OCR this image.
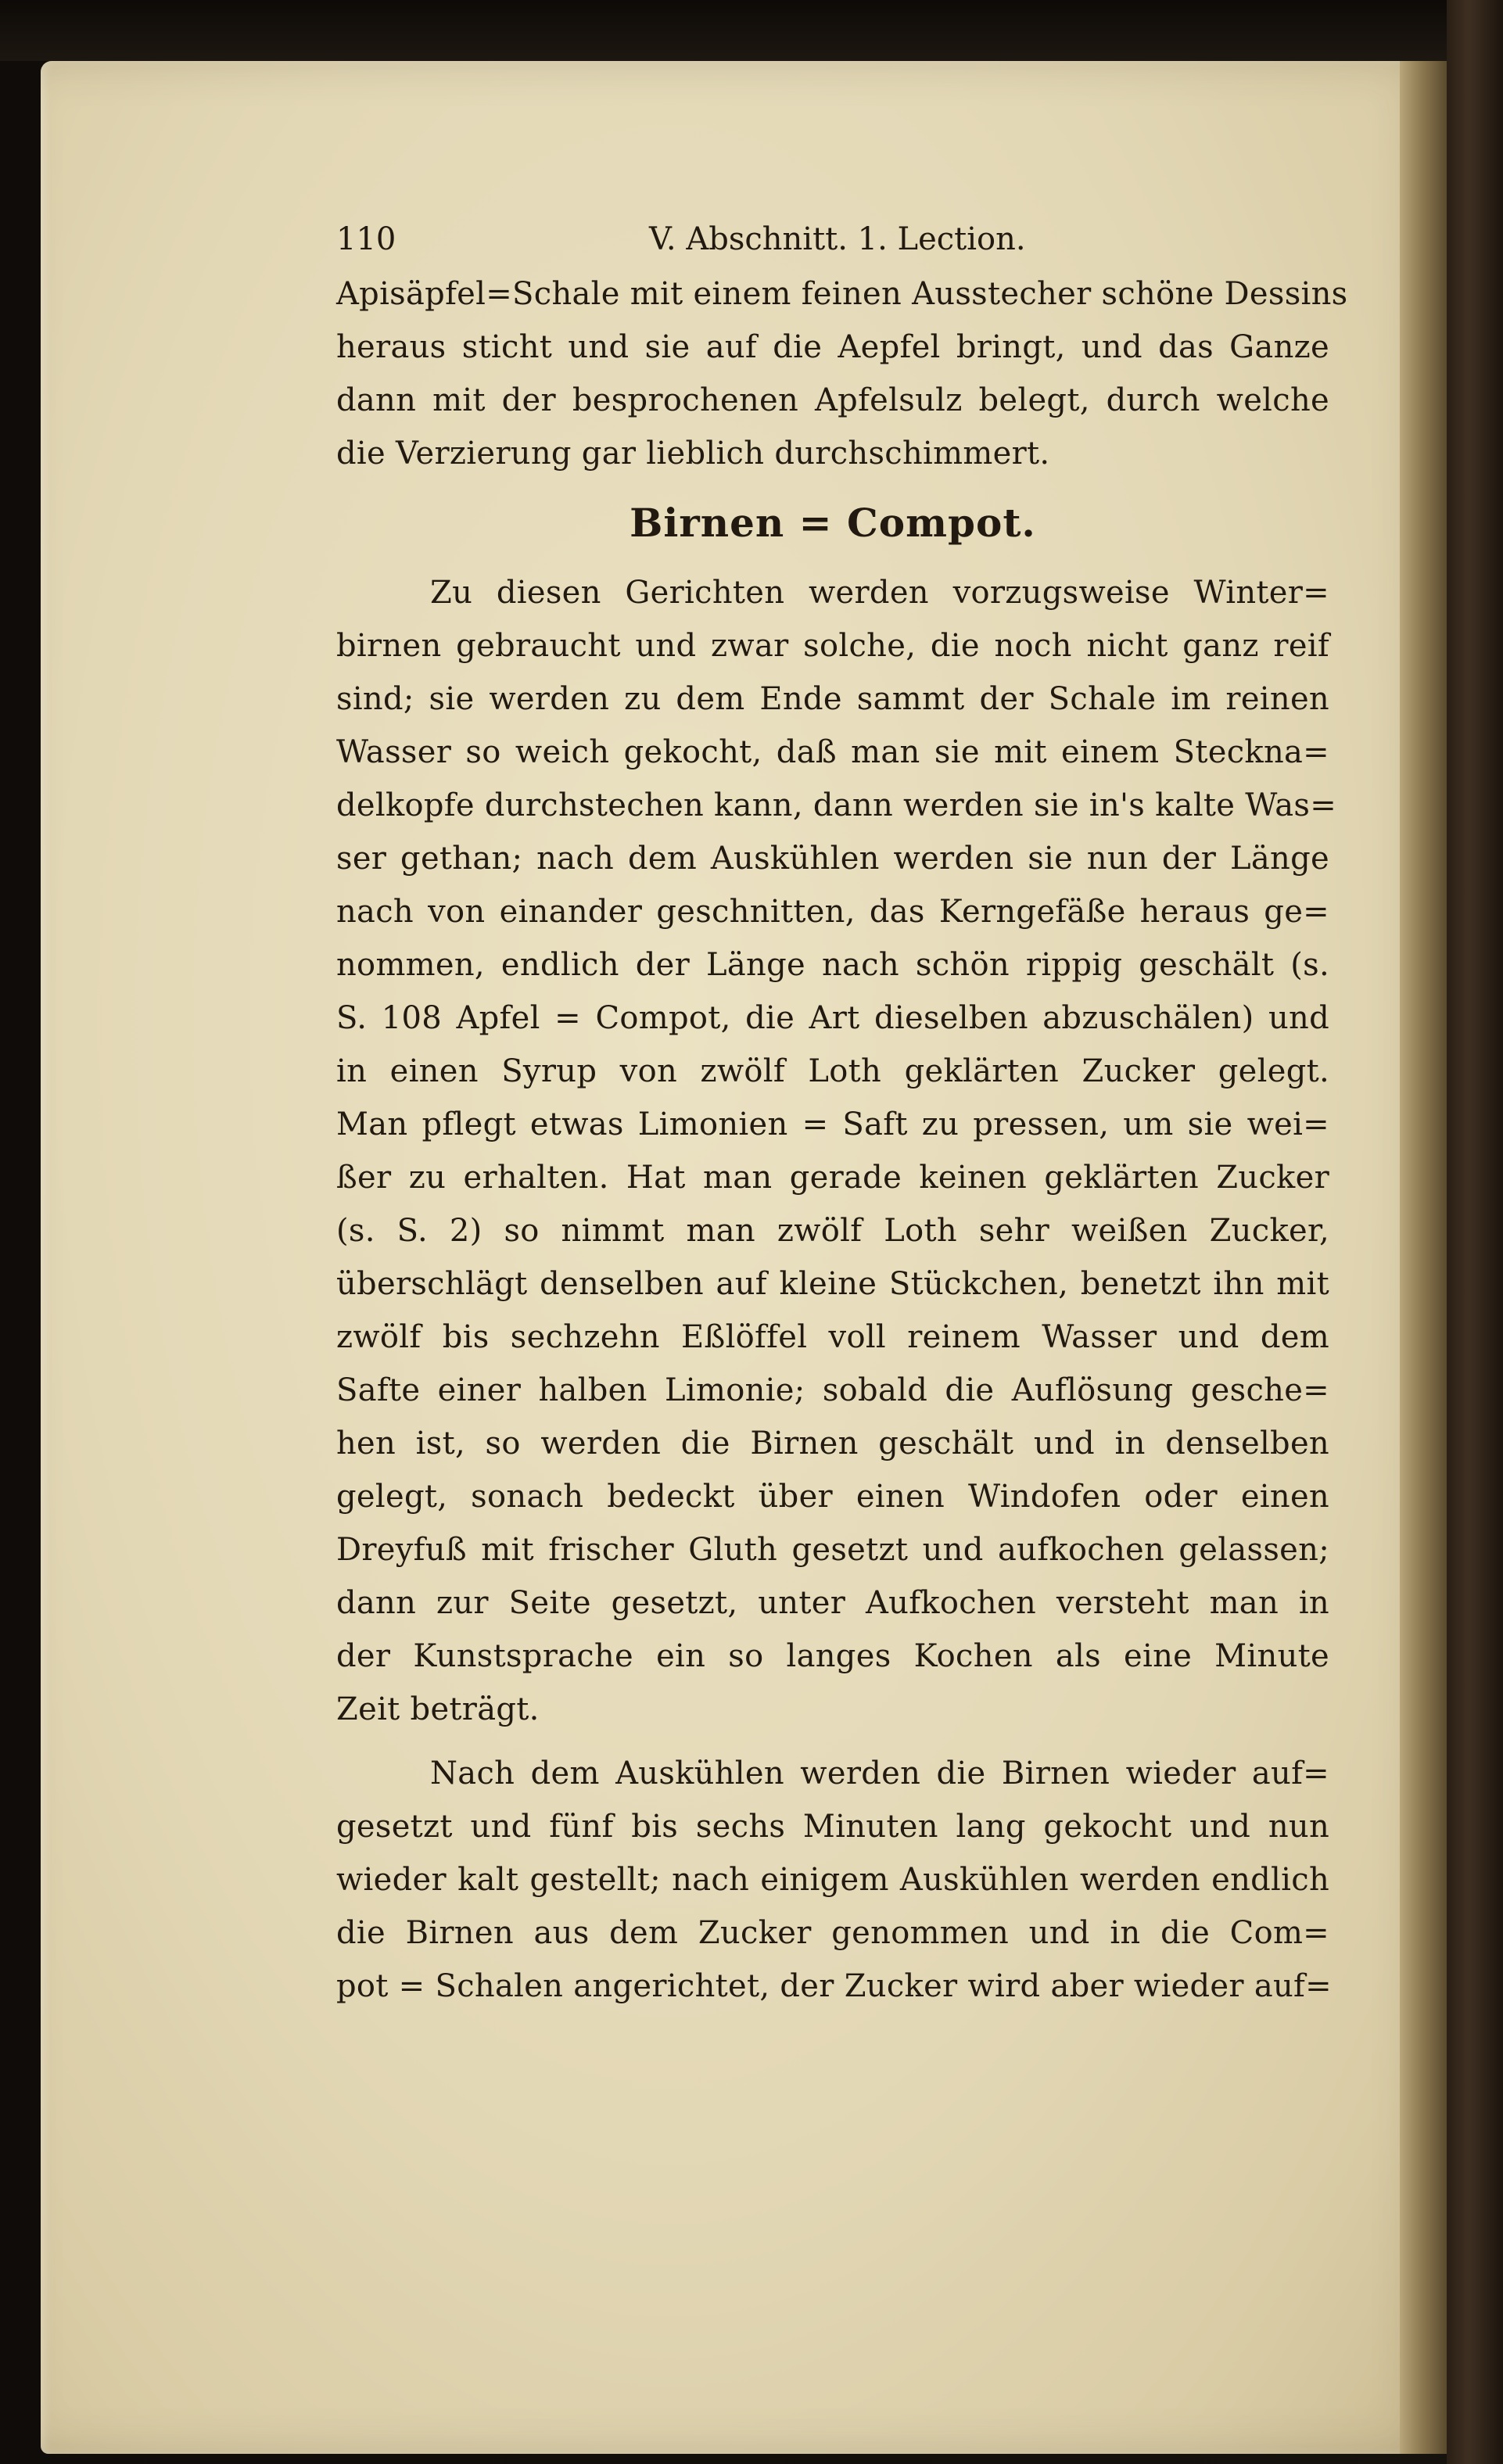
110	V. Abschnitt. 1. Lection.
Apisäpfel=Schale mit einem feinen Ausstecher schöne Dessins
heraus sticht und sie auf die Aepfel bringt, und das Ganze
dann mit der besprochenen Apfelsulz belegt, durch welche
die Verzierung gar lieblich durchschimmert.
Birnen = Compot.
Zu diesen Gerichten werden vorzugsweise Winter=
birnen gebraucht und zwar solche, die noch nicht ganz reif
sind; sie werden zu dem Ende sammt der Schale im reinen
Wasser so weich gekocht, daß man sie mit einem Stecknа=
delkopfe durchstechen kann, dann werden sie in's kalte Was=
ser gethan; nach dem Auskühlen werden sie nun der Länge
nach von einander geschnitten, das Kerngefäße heraus ge=
nommen, endlich der Länge nach schön rippig geschält (s.
S. 108 Apfel = Compot, die Art dieselben abzuschälen) und
in einen Syrup von zwölf Loth geklärten Zucker gelegt.
Man pflegt etwas Limonien = Saft zu pressen, um sie wei=
ßer zu erhalten. Hat man gerade keinen geklärten Zucker
(s. S. 2) so nimmt man zwölf Loth sehr weißen Zucker,
überschlägt denselben auf kleine Stückchen, benetzt ihn mit
zwölf bis sechzehn Eßlöffel voll reinem Wasser und dem
Safte einer halben Limonie; sobald die Auflösung gesche=
hen ist, so werden die Birnen geschält und in denselben
gelegt, sonach bedeckt über einen Windofen oder einen
Dreyfuß mit frischer Gluth gesetzt und aufkochen gelassen;
dann zur Seite gesetzt, unter Aufkochen versteht man in
der Kunstsprache ein so langes Kochen als eine Minute
Zeit beträgt.
Nach dem Auskühlen werden die Birnen wieder auf=
gesetzt und fünf bis sechs Minuten lang gekocht und nun
wieder kalt gestellt; nach einigem Auskühlen werden endlich
die Birnen aus dem Zucker genommen und in die Com=
pot = Schalen angerichtet, der Zucker wird aber wieder auf=
